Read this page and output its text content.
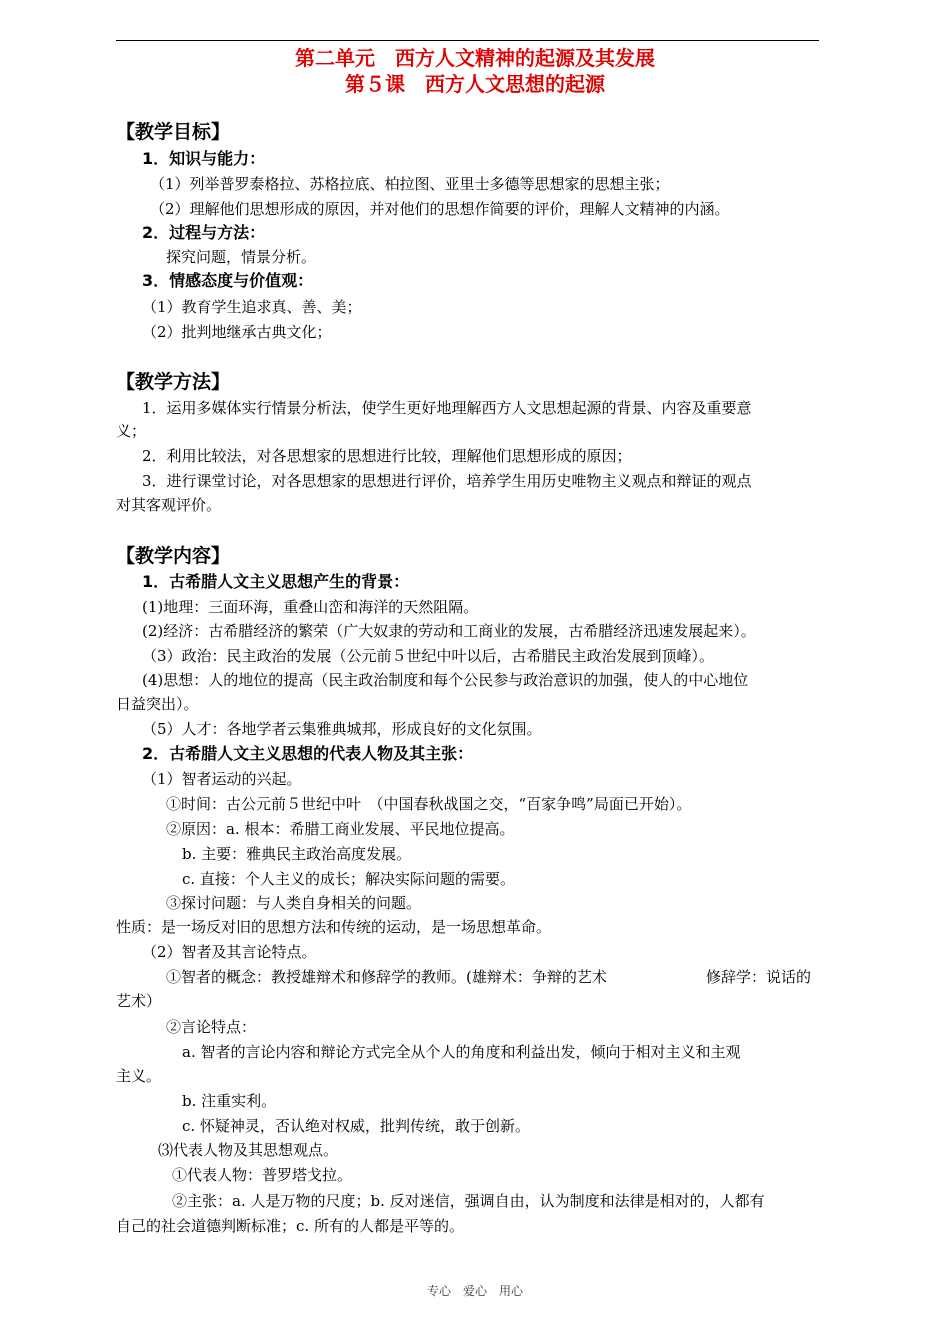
第二单元　西方人文精神的起源及其发展
第５课　西方人文思想的起源
【教学目标】
1．知识与能力：
（1）列举普罗泰格拉、苏格拉底、柏拉图、亚里士多德等思想家的思想主张；
（2）理解他们思想形成的原因，并对他们的思想作简要的评价，理解人文精神的内涵。
2．过程与方法：
探究问题，情景分析。
3．情感态度与价值观：
（1）教育学生追求真、善、美；
（2）批判地继承古典文化；
【教学方法】
1．运用多媒体实行情景分析法，使学生更好地理解西方人文思想起源的背景、内容及重要意
义；
2．利用比较法，对各思想家的思想进行比较，理解他们思想形成的原因；
3．进行课堂讨论，对各思想家的思想进行评价，培养学生用历史唯物主义观点和辩证的观点
对其客观评价。
【教学内容】
1．古希腊人文主义思想产生的背景：
(1)地理：三面环海，重叠山峦和海洋的天然阻隔。
(2)经济：古希腊经济的繁荣（广大奴隶的劳动和工商业的发展，古希腊经济迅速发展起来）。
（3）政治：民主政治的发展（公元前５世纪中叶以后，古希腊民主政治发展到顶峰）。
(4)思想：人的地位的提高（民主政治制度和每个公民参与政治意识的加强，使人的中心地位
日益突出）。
（5）人才：各地学者云集雅典城邦，形成良好的文化氛围。
2．古希腊人文主义思想的代表人物及其主张：
（1）智者运动的兴起。
①时间：古公元前５世纪中叶　（中国春秋战国之交，“百家争鸣”局面已开始）。
②原因：a. 根本：希腊工商业发展、平民地位提高。
b. 主要：雅典民主政治高度发展。
c. 直接：个人主义的成长；解决实际问题的需要。
③探讨问题：与人类自身相关的问题。
性质：是一场反对旧的思想方法和传统的运动，是一场思想革命。
（2）智者及其言论特点。
①智者的概念：教授雄辩术和修辞学的教师。(雄辩术：争辩的艺术	修辞学：说话的
艺术）
②言论特点：
a. 智者的言论内容和辩论方式完全从个人的角度和利益出发，倾向于相对主义和主观
主义。
b. 注重实利。
c. 怀疑神灵，否认绝对权威，批判传统，敢于创新。
⑶代表人物及其思想观点。
①代表人物：普罗塔戈拉。
②主张：a. 人是万物的尺度；b. 反对迷信，强调自由，认为制度和法律是相对的，人都有
自己的社会道德判断标准；c. 所有的人都是平等的。
专心　爱心　用心
